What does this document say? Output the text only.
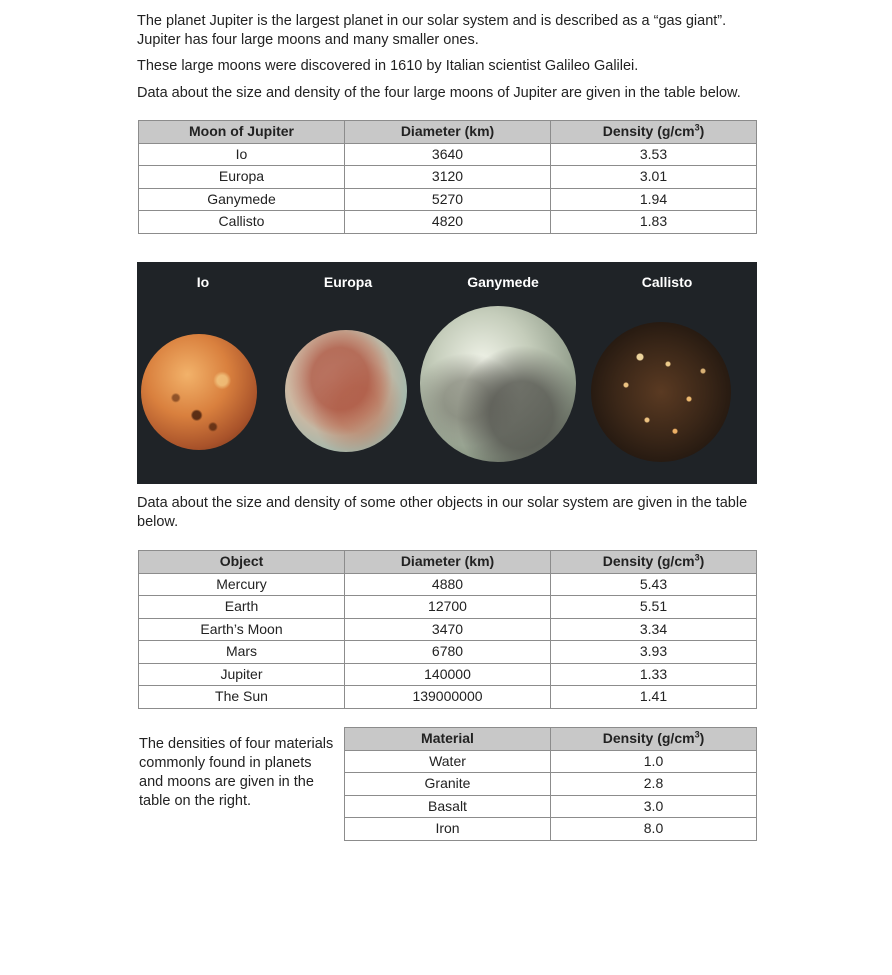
The planet Jupiter is the largest planet in our solar system and is described as a “gas giant”. Jupiter has four large moons and many smaller ones.

These large moons were discovered in 1610 by Italian scientist Galileo Galilei.

Data about the size and density of the four large moons of Jupiter are given in the table below.

Moon of Jupiter	Diameter (km)	Density $(g/cm^3)$
Io	3640	3.53
Europa	3120	3.01
Ganymede	5270	1.94
Callisto	4820	1.83
Io	Europa	Ganymede	Callisto

Data about the size and density of some other objects in our solar system are given in the table below.

Object	Diameter (km)	Density $(g/cm^3)$
Mercury	4880	5.43
Earth	12700	5.51
Earth’s Moon	3470	3.34
Mars	6780	3.93
Jupiter	140000	1.33
The Sun	139000000	1.41

The densities of four materials commonly found in planets and moons are given in the table on the right.

Material	Density $(g/cm^3)$
Water	1.0
Granite	2.8
Basalt	3.0
Iron	8.0
